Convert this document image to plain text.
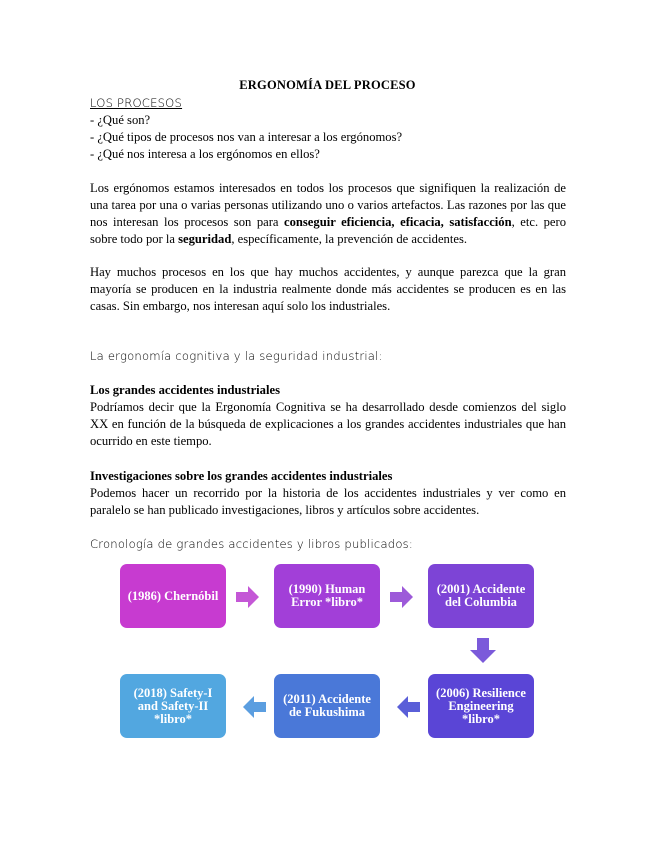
ERGONOMÍA DEL PROCESO
LOS PROCESOS
- ¿Qué son?
- ¿Qué tipos de procesos nos van a interesar a los ergónomos?
- ¿Qué nos interesa a los ergónomos en ellos?
Los ergónomos estamos interesados en todos los procesos que signifiquen la realización de una tarea por una o varias personas utilizando uno o varios artefactos. Las razones por las que nos interesan los procesos son para conseguir eficiencia, eficacia, satisfacción, etc. pero sobre todo por la seguridad, específicamente, la prevención de accidentes.
Hay muchos procesos en los que hay muchos accidentes, y aunque parezca que la gran mayoría se producen en la industria realmente donde más accidentes se producen es en las casas. Sin embargo, nos interesan aquí solo los industriales.
La ergonomía cognitiva y la seguridad industrial:
Los grandes accidentes industriales
Podríamos decir que la Ergonomía Cognitiva se ha desarrollado desde comienzos del siglo XX en función de la búsqueda de explicaciones a los grandes accidentes industriales que han ocurrido en este tiempo.
Investigaciones sobre los grandes accidentes industriales
Podemos hacer un recorrido por la historia de los accidentes industriales y ver como en paralelo se han publicado investigaciones, libros y artículos sobre accidentes.
Cronología de grandes accidentes y libros publicados:
(1986) Chernóbil	(1990) Human Error *libro*
(2001) Accidente del Columbia
(2006) Resilience Engineering *libro*
(2011) Accidente de Fukushima
(2018) Safety-I and Safety-II *libro*
